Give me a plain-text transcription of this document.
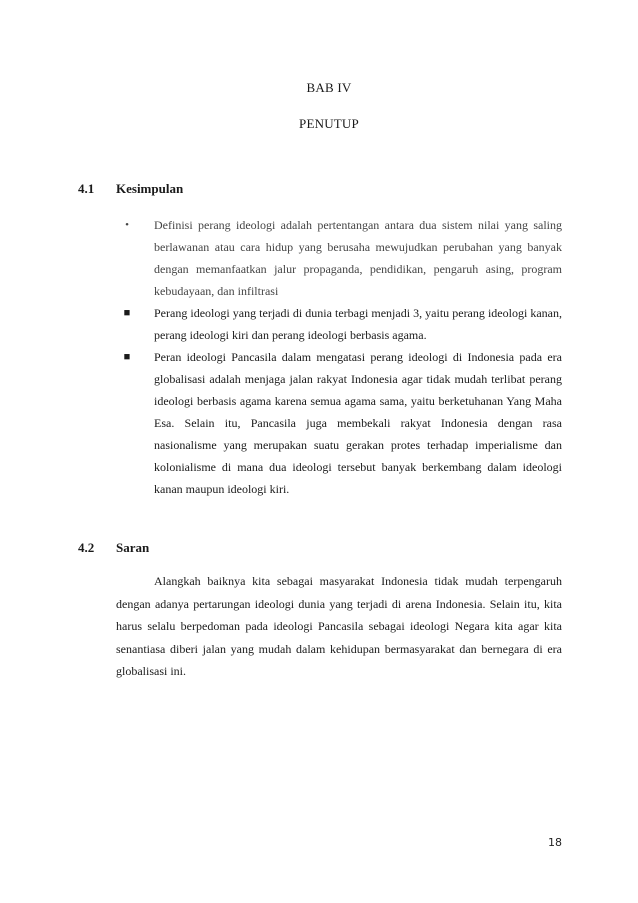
BAB IV
PENUTUP
4.1 Kesimpulan
•	Definisi perang ideologi adalah pertentangan antara dua sistem nilai yang saling berlawanan atau cara hidup yang berusaha mewujudkan perubahan yang banyak dengan memanfaatkan jalur propaganda, pendidikan, pengaruh asing, program kebudayaan, dan infiltrasi
■	Perang ideologi yang terjadi di dunia terbagi menjadi 3, yaitu perang ideologi kanan, perang ideologi kiri dan perang ideologi berbasis agama.
■	Peran ideologi Pancasila dalam mengatasi perang ideologi di Indonesia pada era globalisasi adalah menjaga jalan rakyat Indonesia agar tidak mudah terlibat perang ideologi berbasis agama karena semua agama sama, yaitu berketuhanan Yang Maha Esa. Selain itu, Pancasila juga membekali rakyat Indonesia dengan rasa nasionalisme yang merupakan suatu gerakan protes terhadap imperialisme dan kolonialisme di mana dua ideologi tersebut banyak berkembang dalam ideologi kanan maupun ideologi kiri.
4.2 Saran

Alangkah baiknya kita sebagai masyarakat Indonesia tidak mudah terpengaruh dengan adanya pertarungan ideologi dunia yang terjadi di arena Indonesia. Selain itu, kita harus selalu berpedoman pada ideologi Pancasila sebagai ideologi Negara kita agar kita senantiasa diberi jalan yang mudah dalam kehidupan bermasyarakat dan bernegara di era globalisasi ini.

18
